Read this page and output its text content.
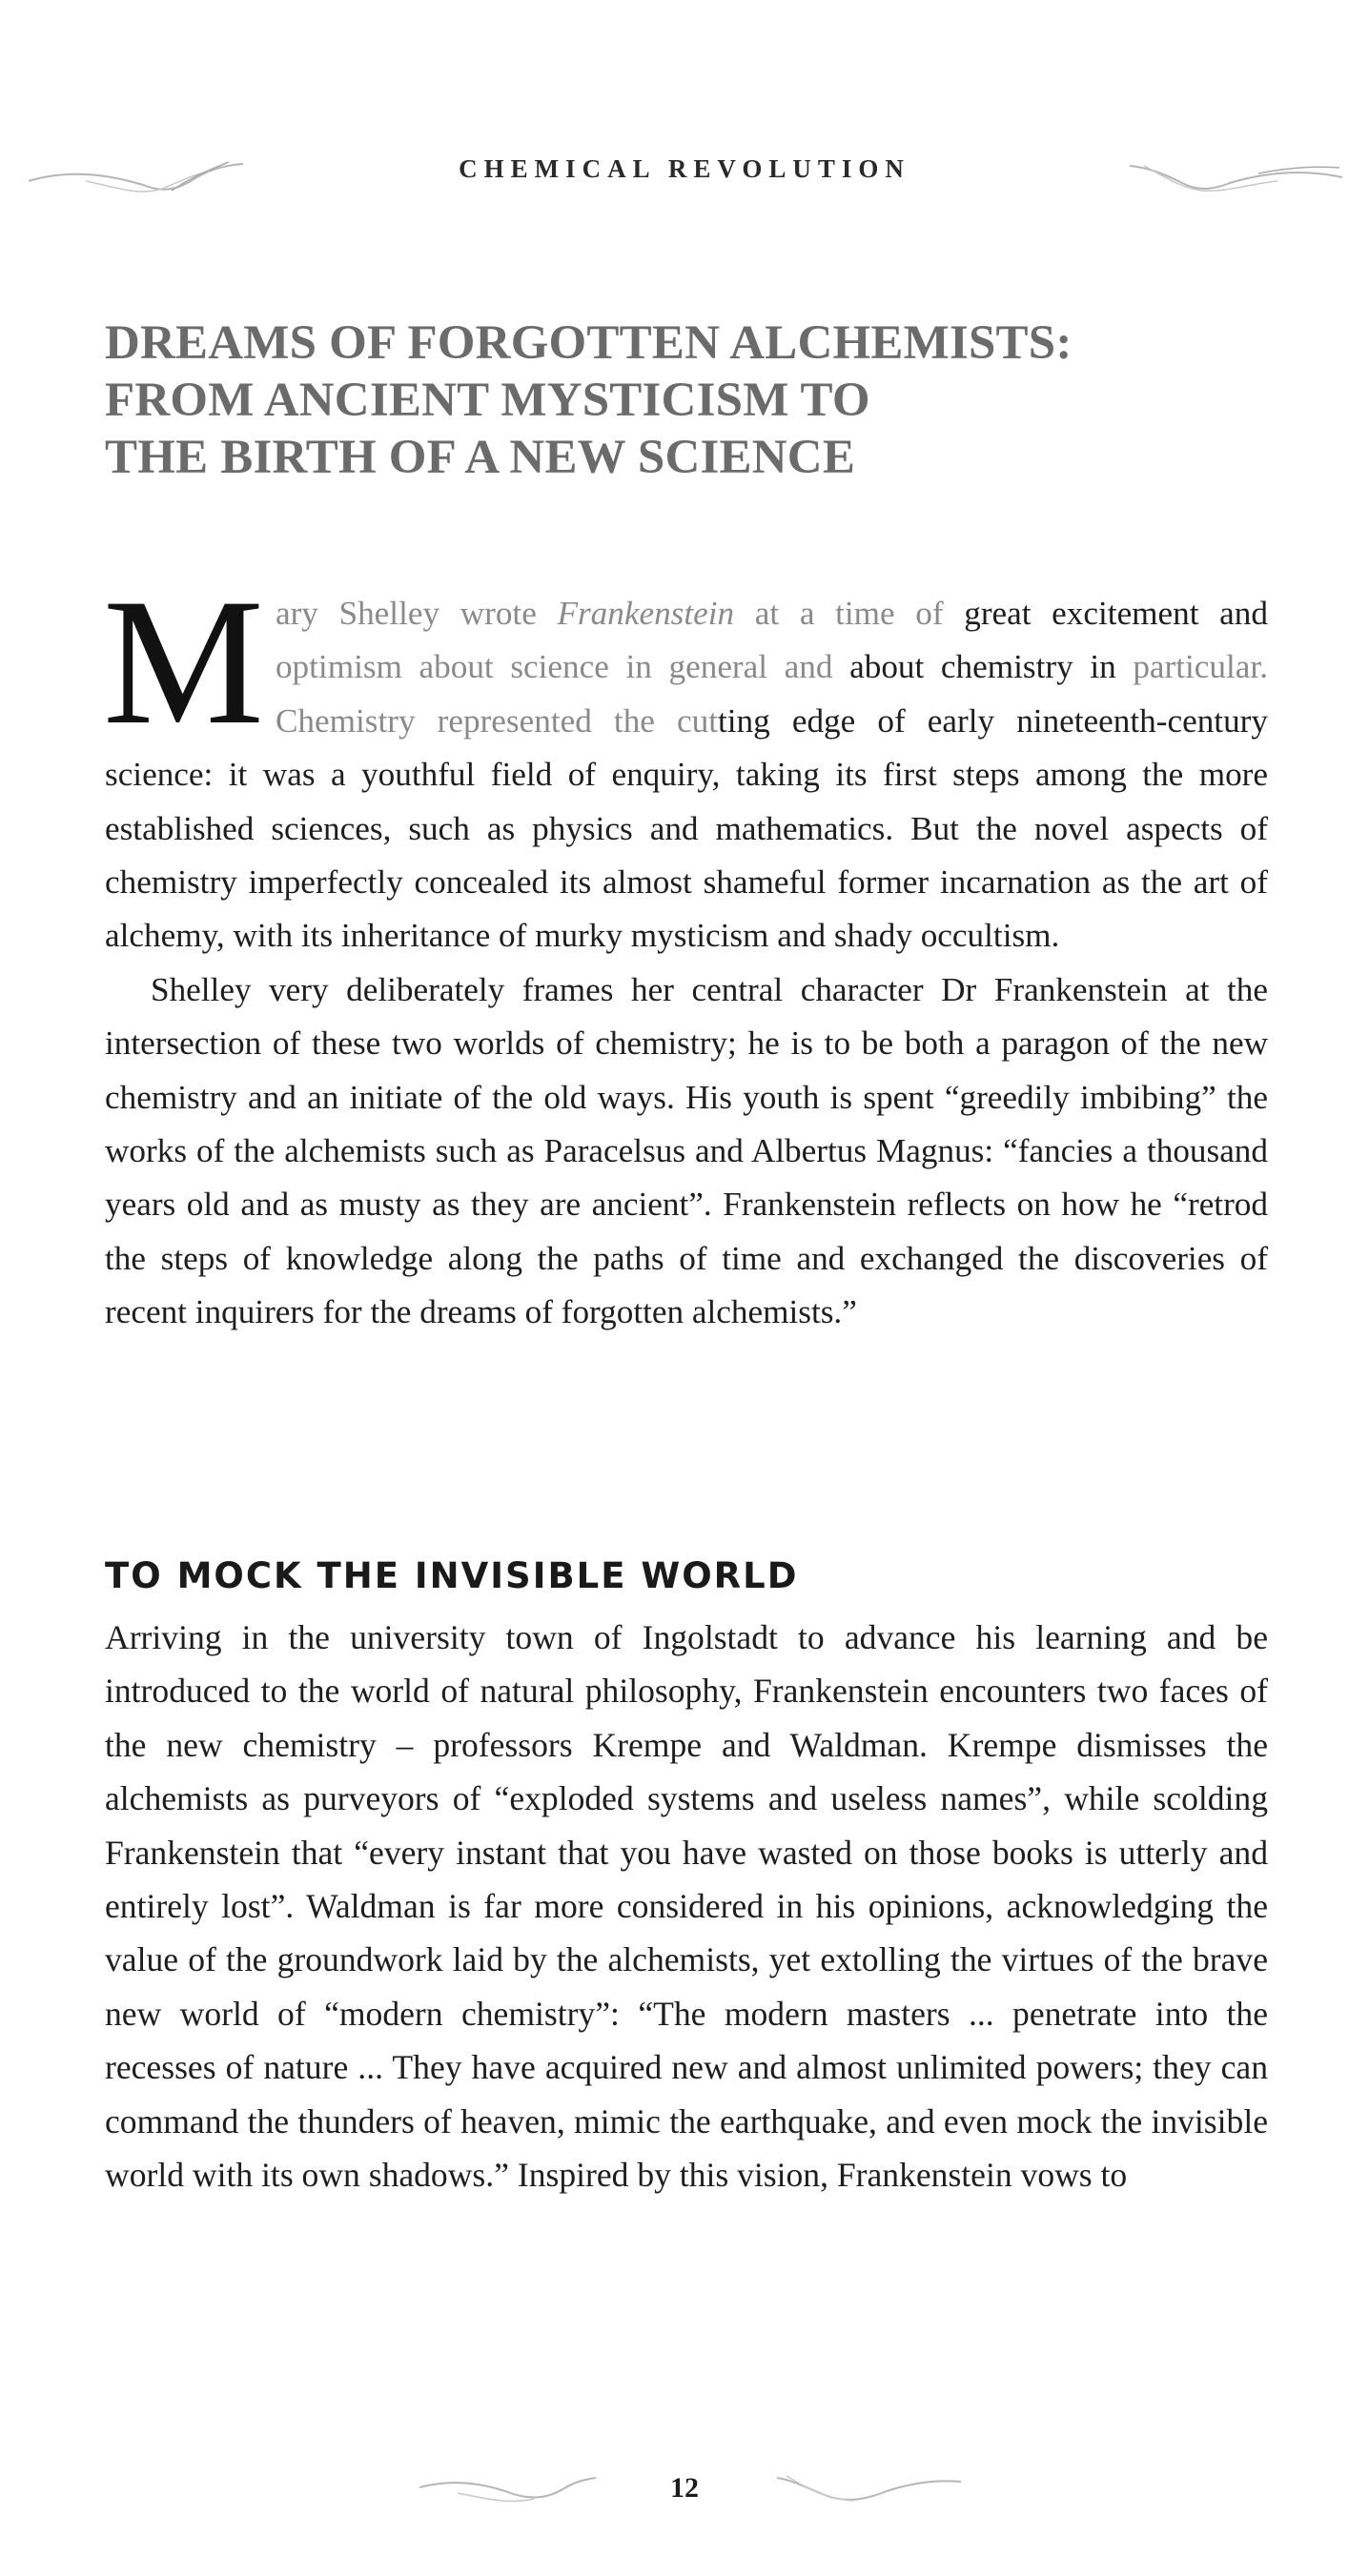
CHEMICAL REVOLUTION
DREAMS OF FORGOTTEN ALCHEMISTS:
FROM ANCIENT MYSTICISM TO
THE BIRTH OF A NEW SCIENCE

Mary Shelley wrote Frankenstein at a time of great excitement and optimism about science in general and about chemistry in particular. Chemistry represented the cutting edge of early nineteenth-century science: it was a youthful field of enquiry, taking its first steps among the more established sciences, such as physics and mathematics. But the novel aspects of chemistry imperfectly concealed its almost shameful former incarnation as the art of alchemy, with its inheritance of murky mysticism and shady occultism.

Shelley very deliberately frames her central character Dr Frankenstein at the intersection of these two worlds of chemistry; he is to be both a paragon of the new chemistry and an initiate of the old ways. His youth is spent “greedily imbibing” the works of the alchemists such as Paracelsus and Albertus Magnus: “fancies a thousand years old and as musty as they are ancient”. Frankenstein reflects on how he “retrod the steps of knowledge along the paths of time and exchanged the discoveries of recent inquirers for the dreams of forgotten alchemists.”

TO MOCK THE INVISIBLE WORLD

Arriving in the university town of Ingolstadt to advance his learning and be introduced to the world of natural philosophy, Frankenstein encounters two faces of the new chemistry – professors Krempe and Waldman. Krempe dismisses the alchemists as purveyors of “exploded systems and useless names”, while scolding Frankenstein that “every instant that you have wasted on those books is utterly and entirely lost”. Waldman is far more considered in his opinions, acknowledging the value of the groundwork laid by the alchemists, yet extolling the virtues of the brave new world of “modern chemistry”: “The modern masters ... penetrate into the recesses of nature ... They have acquired new and almost unlimited powers; they can command the thunders of heaven, mimic the earthquake, and even mock the invisible world with its own shadows.” Inspired by this vision, Frankenstein vows to

12
